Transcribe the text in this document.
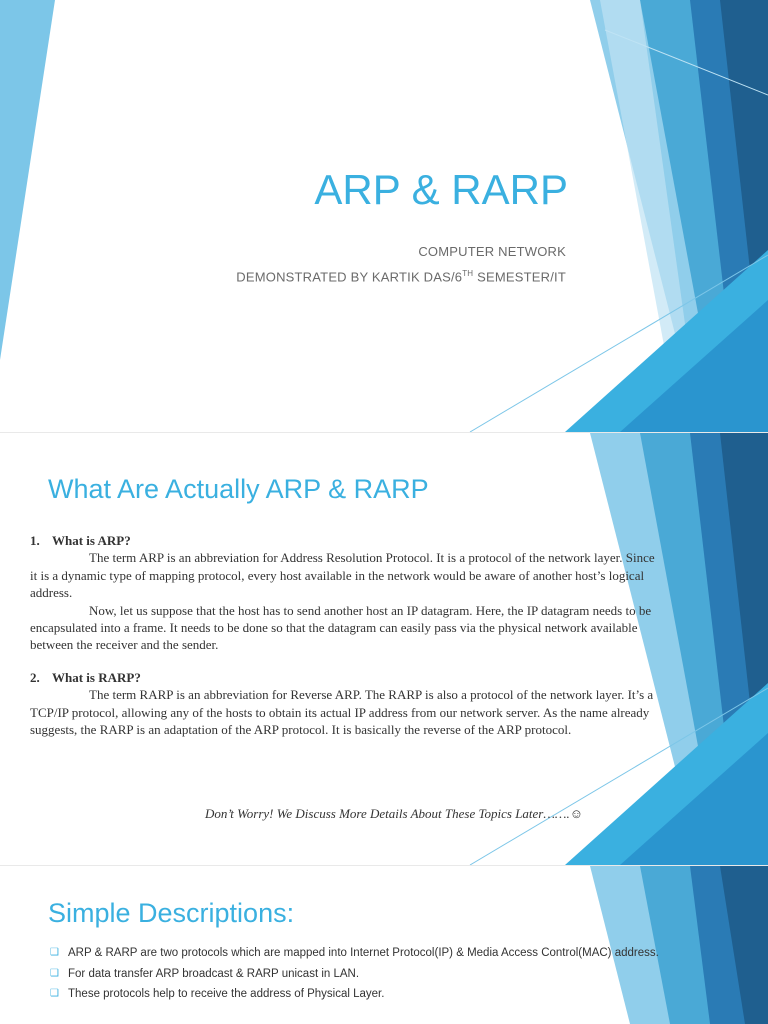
ARP & RARP

COMPUTER NETWORK

DEMONSTRATED BY KARTIK DAS/6TH SEMESTER/IT

What Are Actually ARP & RARP

1. What is ARP?

The term ARP is an abbreviation for Address Resolution Protocol. It is a protocol of the network layer. Since it is a dynamic type of mapping protocol, every host available in the network would be aware of another host’s logical address.

Now, let us suppose that the host has to send another host an IP datagram. Here, the IP datagram needs to be encapsulated into a frame. It needs to be done so that the datagram can easily pass via the physical network available between the receiver and the sender.

2. What is RARP?

The term RARP is an abbreviation for Reverse ARP. The RARP is also a protocol of the network layer. It’s a TCP/IP protocol, allowing any of the hosts to obtain its actual IP address from our network server. As the name already suggests, the RARP is an adaptation of the ARP protocol. It is basically the reverse of the ARP protocol.

Don’t Worry! We Discuss More Details About These Topics Later…….☺
Simple Descriptions:
❑ ARP & RARP are two protocols which are mapped into Internet Protocol(IP) & Media Access Control(MAC) address.
❑ For data transfer ARP broadcast & RARP unicast in LAN.
❑ These protocols help to receive the address of Physical Layer.
